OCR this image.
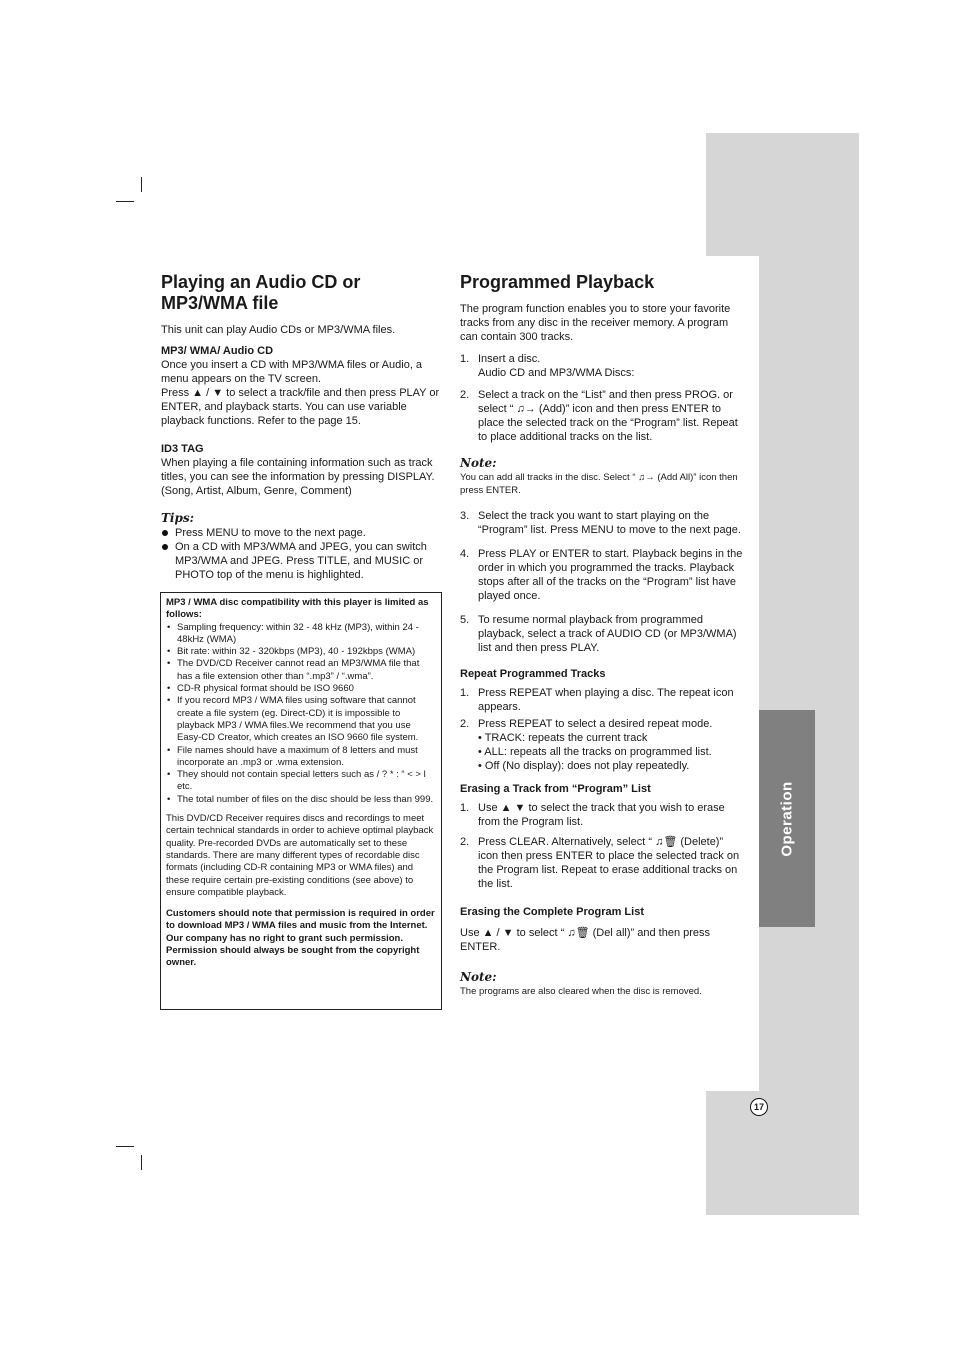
Operation
17
Playing an Audio CD or MP3/WMA file

This unit can play Audio CDs or MP3/WMA files.

MP3/ WMA/ Audio CD

Once you insert a CD with MP3/WMA files or Audio, a menu appears on the TV screen.

Press ▲ / ▼ to select a track/file and then press PLAY or ENTER, and playback starts. You can use variable playback functions. Refer to the page 15.

ID3 TAG

When playing a file containing information such as track titles, you can see the information by pressing DISPLAY. (Song, Artist, Album, Genre, Comment)

Tips:

Press MENU to move to the next page.
On a CD with MP3/WMA and JPEG, you can switch MP3/WMA and JPEG. Press TITLE, and MUSIC or PHOTO top of the menu is highlighted.

MP3 / WMA disc compatibility with this player is limited as follows:

• Sampling frequency: within 32 - 48 kHz (MP3), within 24 - 48kHz (WMA)
• Bit rate: within 32 - 320kbps (MP3), 40 - 192kbps (WMA)
• The DVD/CD Receiver cannot read an MP3/WMA file that has a file extension other than “.mp3” / “.wma”.
• CD-R physical format should be ISO 9660
• If you record MP3 / WMA files using software that cannot create a file system (eg. Direct-CD) it is impossible to playback MP3 / WMA files.We recommend that you use Easy-CD Creator, which creates an ISO 9660 file system.
• File names should have a maximum of 8 letters and must incorporate an .mp3 or .wma extension.
• They should not contain special letters such as / ? * : “ < > l etc.
• The total number of files on the disc should be less than 999.

This DVD/CD Receiver requires discs and recordings to meet certain technical standards in order to achieve optimal playback quality. Pre-recorded DVDs are automatically set to these standards. There are many different types of recordable disc formats (including CD-R containing MP3 or WMA files) and these require certain pre-existing conditions (see above) to ensure compatible playback.

Customers should note that permission is required in order to download MP3 / WMA files and music from the Internet. Our company has no right to grant such permission. Permission should always be sought from the copyright owner.

Programmed Playback

The program function enables you to store your favorite tracks from any disc in the receiver memory. A program can contain 300 tracks.

1. Insert a disc.
Audio CD and MP3/WMA Discs:
2. Select a track on the “List” and then press PROG. or select “ ♫→ (Add)” icon and then press ENTER to place the selected track on the “Program” list. Repeat to place additional tracks on the list.

Note:

You can add all tracks in the disc. Select “ ♫→ (Add All)” icon then press ENTER.

3. Select the track you want to start playing on the “Program” list. Press MENU to move to the next page.
4. Press PLAY or ENTER to start. Playback begins in the order in which you programmed the tracks. Playback stops after all of the tracks on the “Program” list have played once.
5. To resume normal playback from programmed playback, select a track of AUDIO CD (or MP3/WMA) list and then press PLAY.
Repeat Programmed Tracks
1. Press REPEAT when playing a disc. The repeat icon appears.
2. Press REPEAT to select a desired repeat mode.
• TRACK: repeats the current track
• ALL: repeats all the tracks on programmed list.
• Off (No display): does not play repeatedly.
Erasing a Track from “Program” List
1. Use ▲ ▼ to select the track that you wish to erase from the Program list.
2. Press CLEAR. Alternatively, select “ ♫🗑 (Delete)” icon then press ENTER to place the selected track on the Program list. Repeat to erase additional tracks on the list.
Erasing the Complete Program List

Use ▲ / ▼ to select “ ♫🗑 (Del all)” and then press ENTER.

Note:

The programs are also cleared when the disc is removed.
